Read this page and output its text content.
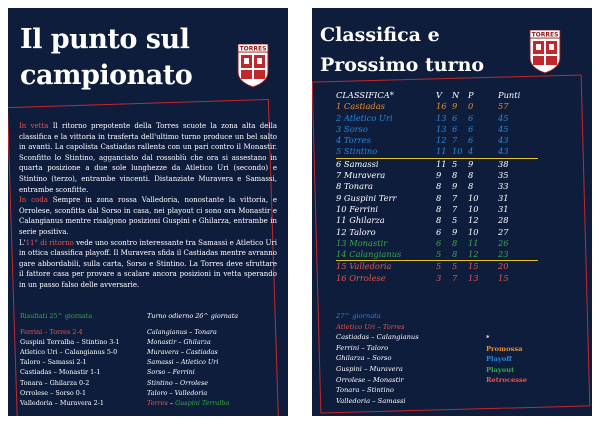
Il punto sul
campionato
TORRES

In vetta Il ritorno prepotente della Torres scuote la zona alta della classifica e la vittoria in trasferta dell'ultimo turno produce un bel salto in avanti. La capolista Castiadas rallenta con un pari contro il Monastir. Sconfitto lo Stintino, agganciato dal rossoblù che ora si assestano in quarta posizione a due sole lunghezze da Atletico Uri (secondo) e Stintino (terzo), entrambe vincenti. Distanziate Muravera e Samassi, entrambe sconfitte.

In coda Sempre in zona rossa Valledoria, nonostante la vittoria, e Orrolese, sconfitta dal Sorso in casa, nei playout ci sono ora Monastir e Calangianus mentre risalgono posizioni Guspini e Ghilarza, entrambe in serie positiva.

L'11° di ritorno vede uno scontro interessante tra Samassi e Atletico Uri in ottica classifica playoff. Il Muravera sfida il Castiadas mentre avranno gare abbordabili, sulla carta, Sorso e Stintino. La Torres deve sfruttare il fattore casa per provare a scalare ancora posizioni in vetta sperando in un passo falso delle avversarie.

Risultati 25^ giornata
Ferrini – Torres 2-4
Guspini Terralba – Stintino 3-1
Atletico Uri – Calangianus 5-0
Taloro – Samassi 2-1
Castiadas – Monastir 1-1
Tonara – Ghilarza 0-2
Orrolese – Sorso 0-1
Valledoria – Muravera 2-1
Turno odierno 26^ giornata
Calangianus – Tonara
Monastir – Ghilarza
Muravera – Castiadas
Samassi – Atletico Uri
Sorso – Ferrini
Stintino – Orrolese
Taloro – Valledoria
Torres – Guspini Terralba
Classifica e
Prossimo turno
TORRES
CLASSIFICA*	V	N	P	Punti
1 Castiadas	16	9	0	57
2 Atletico Uri	13	6	6	45
3 Sorso	13	6	6	45
4 Torres	12	7	6	43
5 Stintino	11	10	4	43
6 Samassi	11	5	9	38
7 Muravera	9	8	8	35
8 Tonara	8	9	8	33
9 Guspini Terr	8	7	10	31
10 Ferrini	8	7	10	31
11 Ghilarza	8	5	12	28
12 Taloro	6	9	10	27
13 Monastir	6	8	11	26
14 Calangianus	5	8	12	23
15 Valledoria	5	5	15	20
16 Orrolese	3	7	13	15
27^ giornata
Atletico Uri – Torres
Castiadas – Calangianus
Ferrini – Taloro
Ghilarza – Sorso
Guspini – Muravera
Orrolese – Monastir
Tonara – Stintino
Valledoria – Samassi
*
Promossa
Playoff
Playout
Retrocesse
